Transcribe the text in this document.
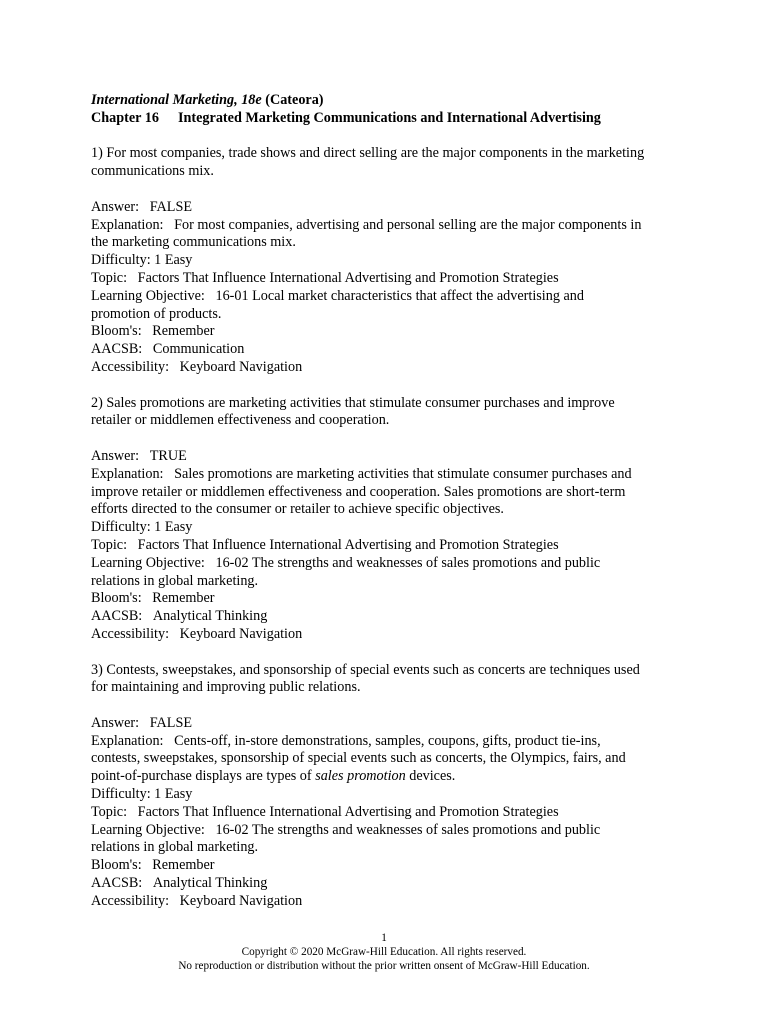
International Marketing, 18e (Cateora)
Chapter 16 Integrated Marketing Communications and International Advertising
1) For most companies, trade shows and direct selling are the major components in the marketing
communications mix.
Answer:   FALSE
Explanation:   For most companies, advertising and personal selling are the major components in
the marketing communications mix.
Difficulty: 1 Easy
Topic:   Factors That Influence International Advertising and Promotion Strategies
Learning Objective:   16-01 Local market characteristics that affect the advertising and
promotion of products.
Bloom's:   Remember
AACSB:   Communication
Accessibility:   Keyboard Navigation
2) Sales promotions are marketing activities that stimulate consumer purchases and improve
retailer or middlemen effectiveness and cooperation.
Answer:   TRUE
Explanation:   Sales promotions are marketing activities that stimulate consumer purchases and
improve retailer or middlemen effectiveness and cooperation. Sales promotions are short-term
efforts directed to the consumer or retailer to achieve specific objectives.
Difficulty: 1 Easy
Topic:   Factors That Influence International Advertising and Promotion Strategies
Learning Objective:   16-02 The strengths and weaknesses of sales promotions and public
relations in global marketing.
Bloom's:   Remember
AACSB:   Analytical Thinking
Accessibility:   Keyboard Navigation
3) Contests, sweepstakes, and sponsorship of special events such as concerts are techniques used
for maintaining and improving public relations.
Answer:   FALSE
Explanation:   Cents-off, in-store demonstrations, samples, coupons, gifts, product tie-ins,
contests, sweepstakes, sponsorship of special events such as concerts, the Olympics, fairs, and
point-of-purchase displays are types of sales promotion devices.
Difficulty: 1 Easy
Topic:   Factors That Influence International Advertising and Promotion Strategies
Learning Objective:   16-02 The strengths and weaknesses of sales promotions and public
relations in global marketing.
Bloom's:   Remember
AACSB:   Analytical Thinking
Accessibility:   Keyboard Navigation
1
Copyright © 2020 McGraw-Hill Education. All rights reserved.
No reproduction or distribution without the prior written onsent of McGraw-Hill Education.
